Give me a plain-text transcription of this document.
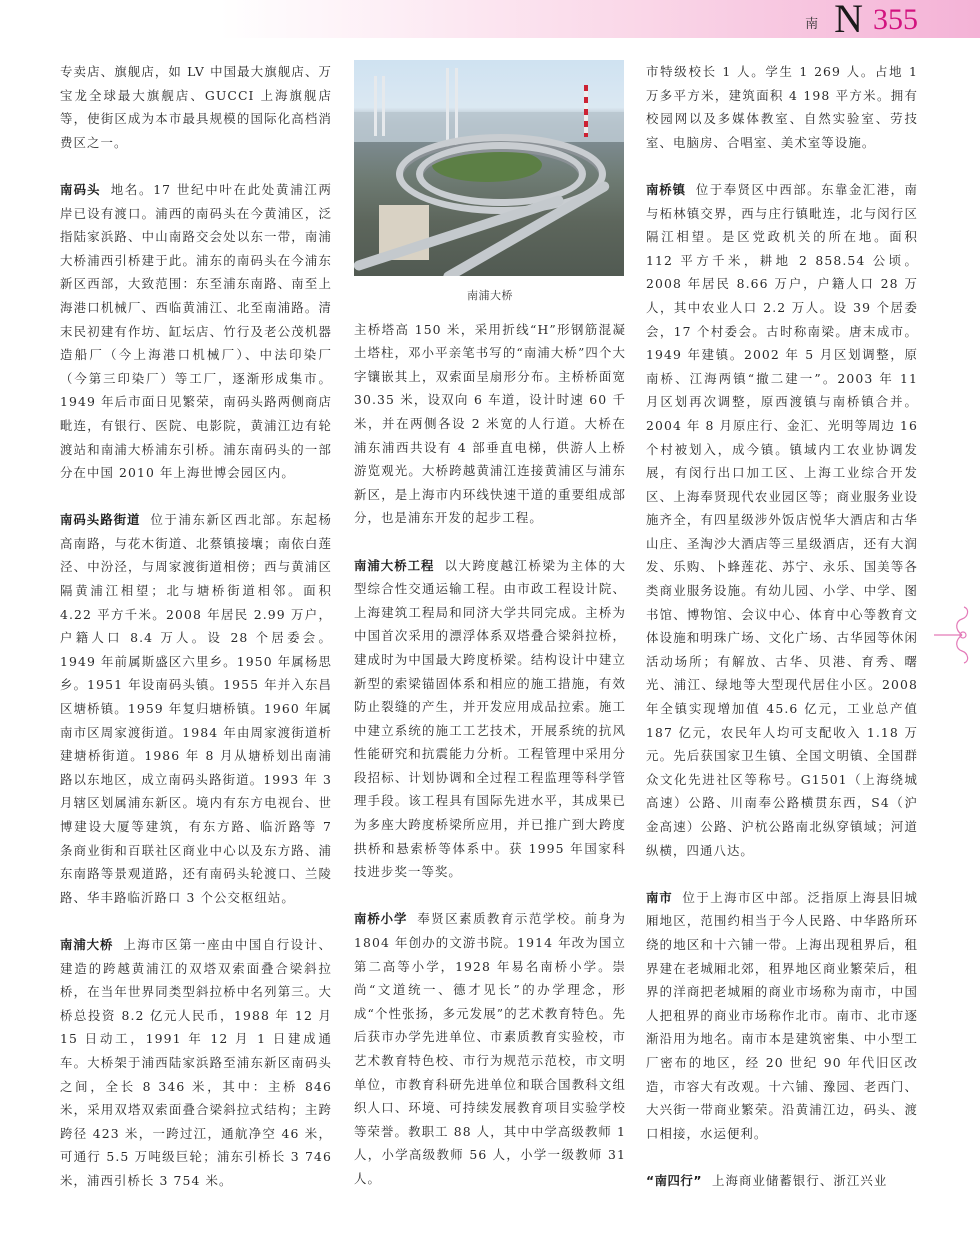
南 N 355

专卖店、旗舰店，如 LV 中国最大旗舰店、万宝龙全球最大旗舰店、GUCCI 上海旗舰店等，使街区成为本市最具规模的国际化高档消费区之一。

南码头 地名。17 世纪中叶在此处黄浦江两岸已设有渡口。浦西的南码头在今黄浦区，泛指陆家浜路、中山南路交会处以东一带，南浦大桥浦西引桥建于此。浦东的南码头在今浦东新区西部，大致范围：东至浦东南路、南至上海港口机械厂、西临黄浦江、北至南浦路。清末民初建有作坊、缸坛店、竹行及老公茂机器造船厂（今上海港口机械厂）、中法印染厂（今第三印染厂）等工厂，逐渐形成集市。1949 年后市面日见繁荣，南码头路两侧商店毗连，有银行、医院、电影院，黄浦江边有轮渡站和南浦大桥浦东引桥。浦东南码头的一部分在中国 2010 年上海世博会园区内。

南码头路街道 位于浦东新区西北部。东起杨高南路，与花木街道、北蔡镇接壤；南依白莲泾、中汾泾，与周家渡街道相傍；西与黄浦区隔黄浦江相望；北与塘桥街道相邻。面积 4.22 平方千米。2008 年居民 2.99 万户，户籍人口 8.4 万人。设 28 个居委会。1949 年前属斯盛区六里乡。1950 年属杨思乡。1951 年设南码头镇。1955 年并入东昌区塘桥镇。1959 年复归塘桥镇。1960 年属南市区周家渡街道。1984 年由周家渡街道析建塘桥街道。1986 年 8 月从塘桥划出南浦路以东地区，成立南码头路街道。1993 年 3 月辖区划属浦东新区。境内有东方电视台、世博建设大厦等建筑，有东方路、临沂路等 7 条商业街和百联社区商业中心以及东方路、浦东南路等景观道路，还有南码头轮渡口、兰陵路、华丰路临沂路口 3 个公交枢纽站。

南浦大桥 上海市区第一座由中国自行设计、建造的跨越黄浦江的双塔双索面叠合梁斜拉桥，在当年世界同类型斜拉桥中名列第三。大桥总投资 8.2 亿元人民币，1988 年 12 月 15 日动工，1991 年 12 月 1 日建成通车。大桥架于浦西陆家浜路至浦东新区南码头之间，全长 8 346 米，其中：主桥 846 米，采用双塔双索面叠合梁斜拉式结构；主跨跨径 423 米，一跨过江，通航净空 46 米，可通行 5.5 万吨级巨轮；浦东引桥长 3 746 米，浦西引桥长 3 754 米。

南浦大桥

主桥塔高 150 米，采用折线“H”形钢筋混凝土塔柱，邓小平亲笔书写的“南浦大桥”四个大字镶嵌其上，双索面呈扇形分布。主桥桥面宽 30.35 米，设双向 6 车道，设计时速 60 千米，并在两侧各设 2 米宽的人行道。大桥在浦东浦西共设有 4 部垂直电梯，供游人上桥游览观光。大桥跨越黄浦江连接黄浦区与浦东新区，是上海市内环线快速干道的重要组成部分，也是浦东开发的起步工程。

南浦大桥工程 以大跨度越江桥梁为主体的大型综合性交通运输工程。由市政工程设计院、上海建筑工程局和同济大学共同完成。主桥为中国首次采用的漂浮体系双塔叠合梁斜拉桥，建成时为中国最大跨度桥梁。结构设计中建立新型的索梁锚固体系和相应的施工措施，有效防止裂缝的产生，并开发应用成品拉索。施工中建立系统的施工工艺技术，开展系统的抗风性能研究和抗震能力分析。工程管理中采用分段招标、计划协调和全过程工程监理等科学管理手段。该工程具有国际先进水平，其成果已为多座大跨度桥梁所应用，并已推广到大跨度拱桥和悬索桥等体系中。获 1995 年国家科技进步奖一等奖。

南桥小学 奉贤区素质教育示范学校。前身为 1804 年创办的文游书院。1914 年改为国立第二高等小学，1928 年易名南桥小学。崇尚“文道统一、德才见长”的办学理念，形成“个性张扬，多元发展”的艺术教育特色。先后获市办学先进单位、市素质教育实验校，市艺术教育特色校、市行为规范示范校，市文明单位，市教育科研先进单位和联合国教科文组织人口、环境、可持续发展教育项目实验学校等荣誉。教职工 88 人，其中中学高级教师 1 人，小学高级教师 56 人，小学一级教师 31 人。

市特级校长 1 人。学生 1 269 人。占地 1 万多平方米，建筑面积 4 198 平方米。拥有校园网以及多媒体教室、自然实验室、劳技室、电脑房、合唱室、美术室等设施。

南桥镇 位于奉贤区中西部。东靠金汇港，南与柘林镇交界，西与庄行镇毗连，北与闵行区隔江相望。是区党政机关的所在地。面积 112 平方千米，耕地 2 858.54 公顷。2008 年居民 8.66 万户，户籍人口 28 万人，其中农业人口 2.2 万人。设 39 个居委会，17 个村委会。古时称南梁。唐末成市。1949 年建镇。2002 年 5 月区划调整，原南桥、江海两镇“撤二建一”。2003 年 11 月区划再次调整，原西渡镇与南桥镇合并。2004 年 8 月原庄行、金汇、光明等周边 16 个村被划入，成今镇。镇域内工农业协调发展，有闵行出口加工区、上海工业综合开发区、上海奉贤现代农业园区等；商业服务业设施齐全，有四星级涉外饭店悦华大酒店和古华山庄、圣淘沙大酒店等三星级酒店，还有大润发、乐购、卜蜂莲花、苏宁、永乐、国美等各类商业服务设施。有幼儿园、小学、中学、图书馆、博物馆、会议中心、体育中心等教育文体设施和明珠广场、文化广场、古华园等休闲活动场所；有解放、古华、贝港、育秀、曙光、浦江、绿地等大型现代居住小区。2008 年全镇实现增加值 45.6 亿元，工业总产值 187 亿元，农民年人均可支配收入 1.18 万元。先后获国家卫生镇、全国文明镇、全国群众文化先进社区等称号。G1501（上海绕城高速）公路、川南奉公路横贯东西，S4（沪金高速）公路、沪杭公路南北纵穿镇域；河道纵横，四通八达。

南市 位于上海市区中部。泛指原上海县旧城厢地区，范围约相当于今人民路、中华路所环绕的地区和十六铺一带。上海出现租界后，租界建在老城厢北郊，租界地区商业繁荣后，租界的洋商把老城厢的商业市场称为南市，中国人把租界的商业市场称作北市。南市、北市逐渐沿用为地名。南市本是建筑密集、中小型工厂密布的地区，经 20 世纪 90 年代旧区改造，市容大有改观。十六铺、豫园、老西门、大兴街一带商业繁荣。沿黄浦江边，码头、渡口相接，水运便利。

“南四行” 上海商业储蓄银行、浙江兴业
